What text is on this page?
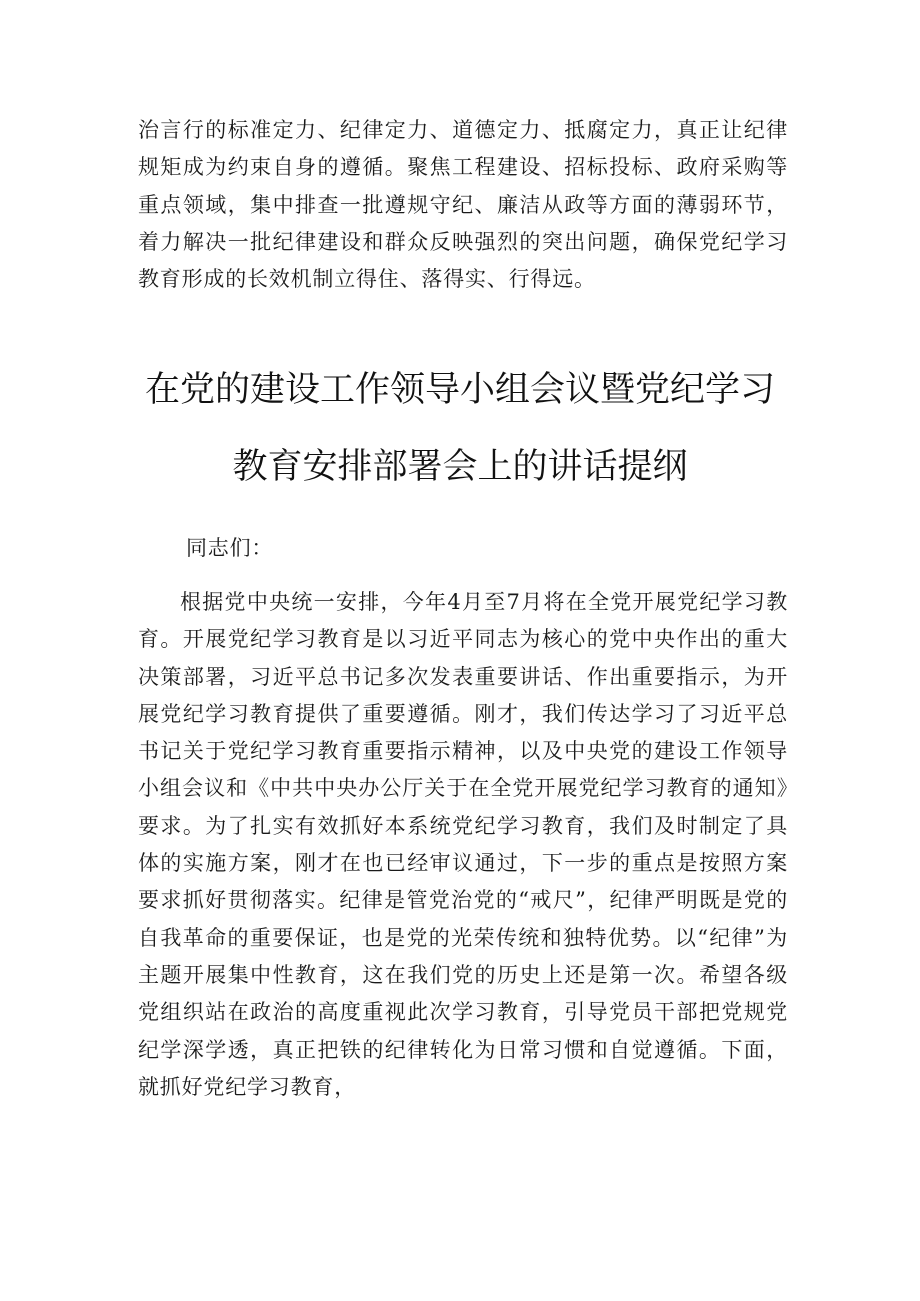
治言行的标准定力、纪律定力、道德定力、抵腐定力，真正让纪律规矩成为约束自身的遵循。聚焦工程建设、招标投标、政府采购等重点领域，集中排查一批遵规守纪、廉洁从政等方面的薄弱环节，着力解决一批纪律建设和群众反映强烈的突出问题，确保党纪学习教育形成的长效机制立得住、落得实、行得远。

在党的建设工作领导小组会议暨党纪学习
教育安排部署会上的讲话提纲

同志们：

根据党中央统一安排，今年4月至7月将在全党开展党纪学习教育。开展党纪学习教育是以习近平同志为核心的党中央作出的重大决策部署，习近平总书记多次发表重要讲话、作出重要指示，为开展党纪学习教育提供了重要遵循。刚才，我们传达学习了习近平总书记关于党纪学习教育重要指示精神，以及中央党的建设工作领导小组会议和《中共中央办公厅关于在全党开展党纪学习教育的通知》要求。为了扎实有效抓好本系统党纪学习教育，我们及时制定了具体的实施方案，刚才在也已经审议通过，下一步的重点是按照方案要求抓好贯彻落实。纪律是管党治党的“戒尺”，纪律严明既是党的自我革命的重要保证，也是党的光荣传统和独特优势。以“纪律”为主题开展集中性教育，这在我们党的历史上还是第一次。希望各级党组织站在政治的高度重视此次学习教育，引导党员干部把党规党纪学深学透，真正把铁的纪律转化为日常习惯和自觉遵循。下面，就抓好党纪学习教育，
